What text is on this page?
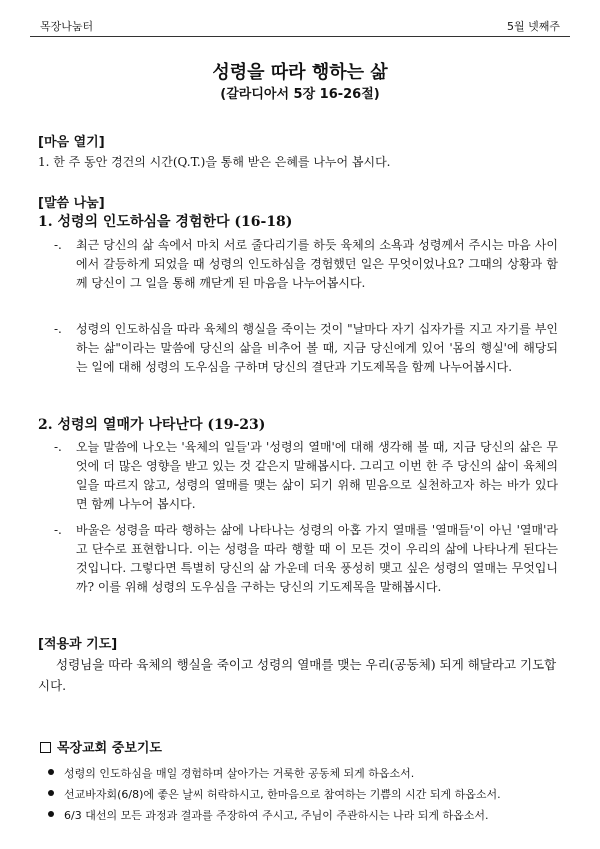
목장나눔터	5월 넷째주
성령을 따라 행하는 삶
(갈라디아서 5장 16-26절)
[마음 열기]
1. 한 주 동안 경건의 시간(Q.T.)을 통해 받은 은혜를 나누어 봅시다.
[말씀 나눔]
1. 성령의 인도하심을 경험한다 (16-18)
-. 최근 당신의 삶 속에서 마치 서로 줄다리기를 하듯 육체의 소욕과 성령께서 주시는 마음 사이에서 갈등하게 되었을 때 성령의 인도하심을 경험했던 일은 무엇이었나요? 그때의 상황과 함께 당신이 그 일을 통해 깨닫게 된 마음을 나누어봅시다.
-. 성령의 인도하심을 따라 육체의 행실을 죽이는 것이 "날마다 자기 십자가를 지고 자기를 부인하는 삶"이라는 말씀에 당신의 삶을 비추어 볼 때, 지금 당신에게 있어 '몸의 행실'에 해당되는 일에 대해 성령의 도우심을 구하며 당신의 결단과 기도제목을 함께 나누어봅시다.
2. 성령의 열매가 나타난다 (19-23)
-. 오늘 말씀에 나오는 '육체의 일들'과 '성령의 열매'에 대해 생각해 볼 때, 지금 당신의 삶은 무엇에 더 많은 영향을 받고 있는 것 같은지 말해봅시다. 그리고 이번 한 주 당신의 삶이 육체의 일을 따르지 않고, 성령의 열매를 맺는 삶이 되기 위해 믿음으로 실천하고자 하는 바가 있다면 함께 나누어 봅시다.
-. 바울은 성령을 따라 행하는 삶에 나타나는 성령의 아홉 가지 열매를 '열매들'이 아닌 '열매'라고 단수로 표현합니다. 이는 성령을 따라 행할 때 이 모든 것이 우리의 삶에 나타나게 된다는 것입니다. 그렇다면 특별히 당신의 삶 가운데 더욱 풍성히 맺고 싶은 성령의 열매는 무엇입니까? 이를 위해 성령의 도우심을 구하는 당신의 기도제목을 말해봅시다.
[적용과 기도]
성령님을 따라 육체의 행실을 죽이고 성령의 열매를 맺는 우리(공동체) 되게 해달라고 기도합시다.
목장교회 중보기도
성령의 인도하심을 매일 경험하며 살아가는 거룩한 공동체 되게 하옵소서.
선교바자회(6/8)에 좋은 날씨 허락하시고, 한마음으로 참여하는 기쁨의 시간 되게 하옵소서.
6/3 대선의 모든 과정과 결과를 주장하여 주시고, 주님이 주관하시는 나라 되게 하옵소서.
